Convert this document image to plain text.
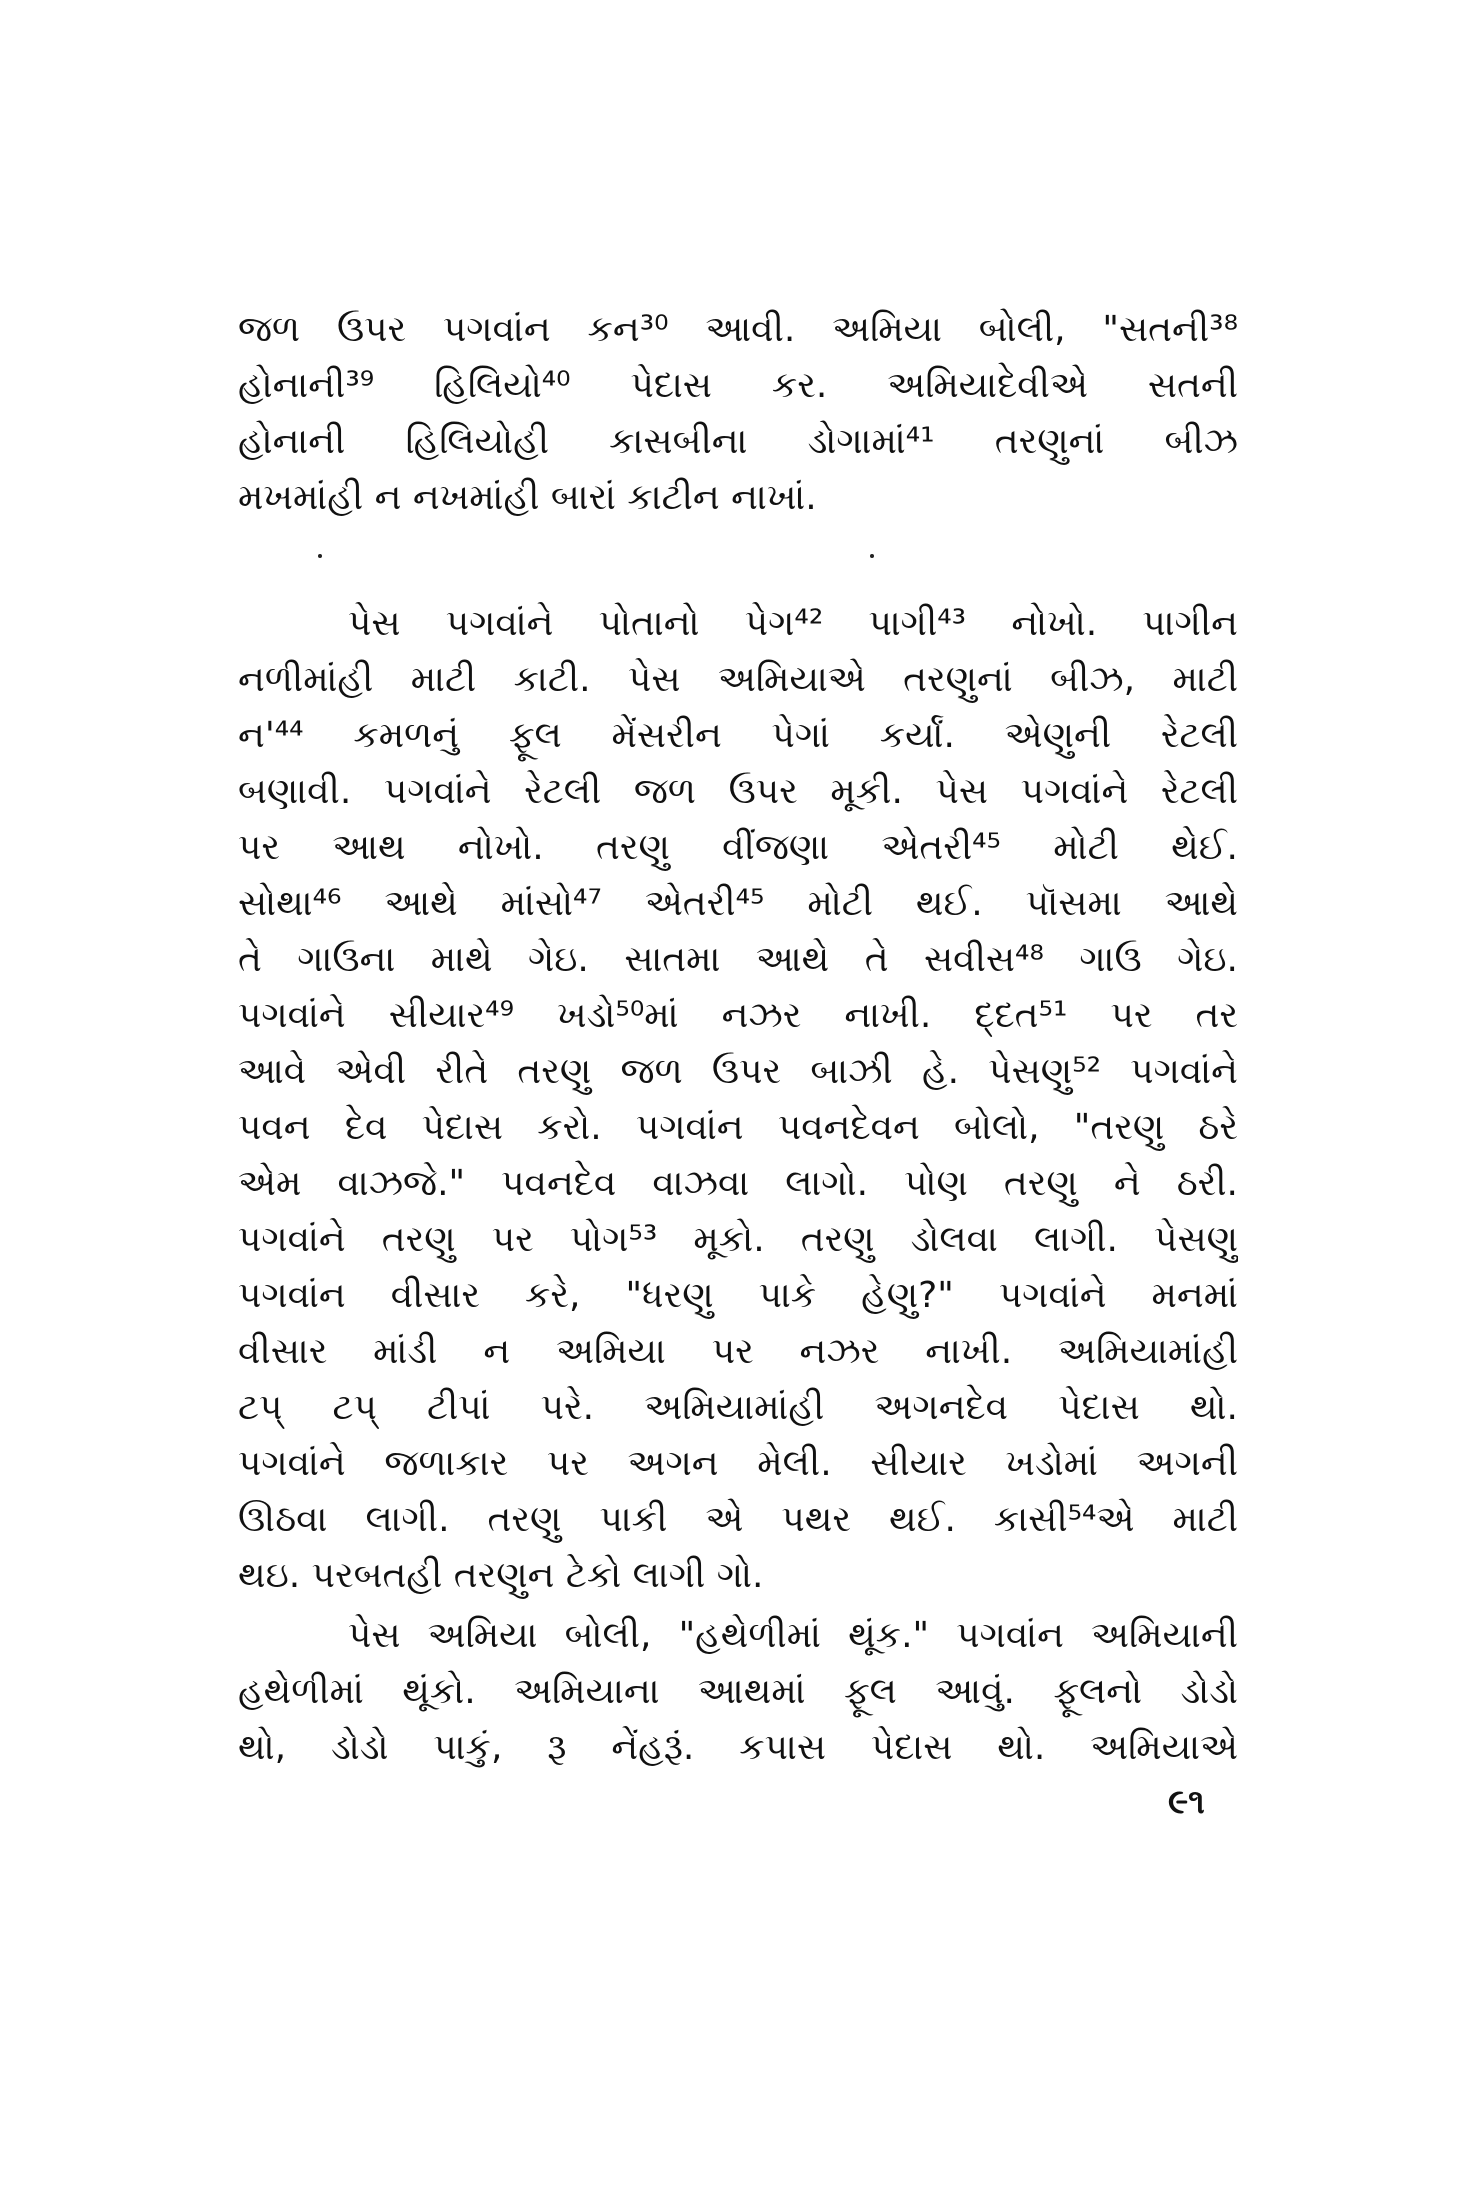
જળ ઉપર પગવાંન કન³⁰ આવી. અમિયા બોલી, "સતની³⁸
હોનાની³⁹ હિલિયો⁴⁰ પેદાસ કર. અમિયાદેવીએ સતની
હોનાની હિલિયોહી કાસબીના ડોગામાં⁴¹ તરણુનાં બીઝ
મખમાંહી ન નખમાંહી બારાં કાટીન નાખાં.
પેસ પગવાંને પોતાનો પેગ⁴² પાગી⁴³ નોખો. પાગીન
નળીમાંહી માટી કાટી. પેસ અમિયાએ તરણુનાં બીઝ, માટી
ન'⁴⁴ કમળનું ફૂલ મેંસરીન પેગાં કર્યાં. એણુની રેટલી
બણાવી. પગવાંને રેટલી જળ ઉપર મૂકી. પેસ પગવાંને રેટલી
પર આથ નોખો. તરણુ વીંજણા એતરી⁴⁵ મોટી થેઈ.
સોથા⁴⁶ આથે માંસો⁴⁷ એતરી⁴⁵ મોટી થઈ. પૉસમા આથે
તે ગાઉના માથે ગેઇ. સાતમા આથે તે સવીસ⁴⁸ ગાઉ ગેઇ.
પગવાંને સીયાર⁴⁹ ખડો⁵⁰માં નઝર નાખી. દ્દત⁵¹ પર તર
આવે એવી રીતે તરણુ જળ ઉપર બાઝી હે. પેસણુ⁵² પગવાંને
પવન દેવ પેદાસ કરો. પગવાંન પવનદેવન બોલો, "તરણુ ઠરે
એમ વાઝજે." પવનદેવ વાઝવા લાગો. પોણ તરણુ ને ઠરી.
પગવાંને તરણુ પર પોગ⁵³ મૂકો. તરણુ ડોલવા લાગી. પેસણુ
પગવાંન વીસાર કરે, "ધરણુ પાકે હેણુ?" પગવાંને મનમાં
વીસાર માંડી ન અમિયા પર નઝર નાખી. અમિયામાંહી
ટપ્ ટપ્ ટીપાં પરે. અમિયામાંહી અગનદેવ પેદાસ થો.
પગવાંને જળાકાર પર અગન મેલી. સીયાર ખડોમાં અગની
ઊઠવા લાગી. તરણુ પાકી એ પથર થઈ. કાસી⁵⁴એ માટી
થઇ. પરબતહી તરણુન ટેકો લાગી ગો.
પેસ અમિયા બોલી, "હથેળીમાં થૂંક." પગવાંન અમિયાની
હથેળીમાં થૂંકો. અમિયાના આથમાં ફૂલ આવું. ફૂલનો ડોડો
થો, ડોડો પાકું, રૂ નેંહરૂં. કપાસ પેદાસ થો. અમિયાએ
૯૧
